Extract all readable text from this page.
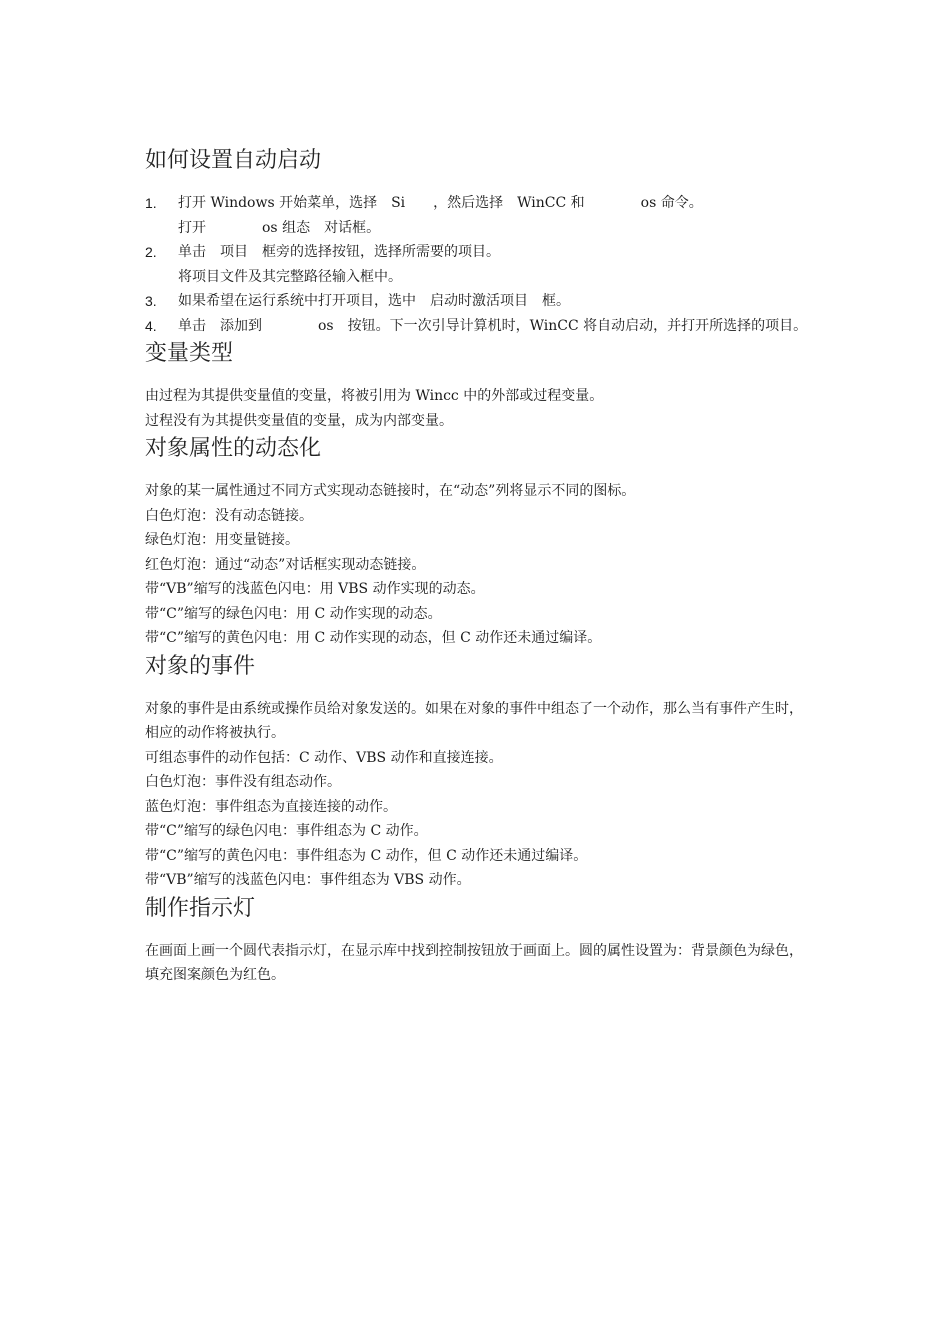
如何设置自动启动
1. 打开 Windows 开始菜单，选择　Si　　，然后选择　WinCC 和　　　　os 命令。
打开　　　　os 组态　对话框。
2. 单击　项目　框旁的选择按钮，选择所需要的项目。
将项目文件及其完整路径输入框中。
3. 如果希望在运行系统中打开项目，选中　启动时激活项目　框。
4. 单击　添加到　　　　os　按钮。下一次引导计算机时，WinCC 将自动启动，并打开所选择的项目。
变量类型

由过程为其提供变量值的变量，将被引用为 Wincc 中的外部或过程变量。

过程没有为其提供变量值的变量，成为内部变量。

对象属性的动态化

对象的某一属性通过不同方式实现动态链接时，在“动态”列将显示不同的图标。

白色灯泡：没有动态链接。

绿色灯泡：用变量链接。

红色灯泡：通过“动态”对话框实现动态链接。

带“VB”缩写的浅蓝色闪电：用 VBS 动作实现的动态。

带“C”缩写的绿色闪电：用 C 动作实现的动态。

带“C”缩写的黄色闪电：用 C 动作实现的动态，但 C 动作还未通过编译。

对象的事件

对象的事件是由系统或操作员给对象发送的。如果在对象的事件中组态了一个动作，那么当有事件产生时，相应的动作将被执行。

可组态事件的动作包括：C 动作、VBS 动作和直接连接。

白色灯泡：事件没有组态动作。

蓝色灯泡：事件组态为直接连接的动作。

带“C”缩写的绿色闪电：事件组态为 C 动作。

带“C”缩写的黄色闪电：事件组态为 C 动作，但 C 动作还未通过编译。

带“VB”缩写的浅蓝色闪电：事件组态为 VBS 动作。

制作指示灯

在画面上画一个圆代表指示灯，在显示库中找到控制按钮放于画面上。圆的属性设置为：背景颜色为绿色，填充图案颜色为红色。
